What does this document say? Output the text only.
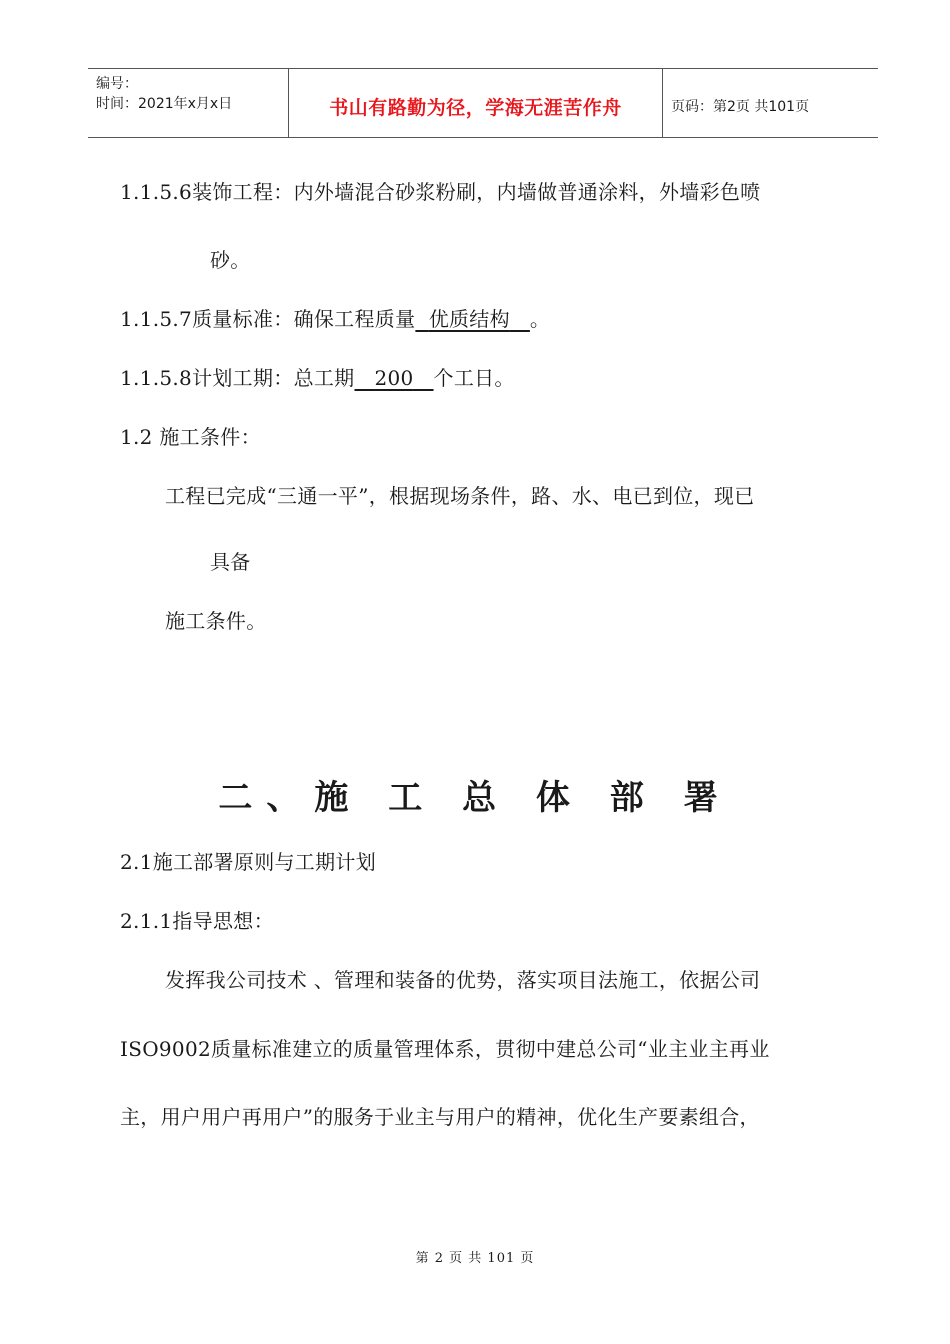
编号：
时间：2021年x月x日	书山有路勤为径，学海无涯苦作舟	页码：第2页 共101页
1.1.5.6装饰工程：内外墙混合砂浆粉刷，内墙做普通涂料，外墙彩色喷
砂。
1.1.5.7质量标准：确保工程质量 优质结构 。
1.1.5.8计划工期：总工期 200 个工日。
1.2 施工条件：
工程已完成“三通一平”，根据现场条件，路、水、电已到位，现已
具备
施工条件。
二、施 工 总 体 部 署
2.1施工部署原则与工期计划
2.1.1指导思想：
发挥我公司技术 、管理和装备的优势，落实项目法施工，依据公司
ISO9002质量标准建立的质量管理体系，贯彻中建总公司“业主业主再业
主，用户用户再用户”的服务于业主与用户的精神，优化生产要素组合，
第 2 页 共 101 页
